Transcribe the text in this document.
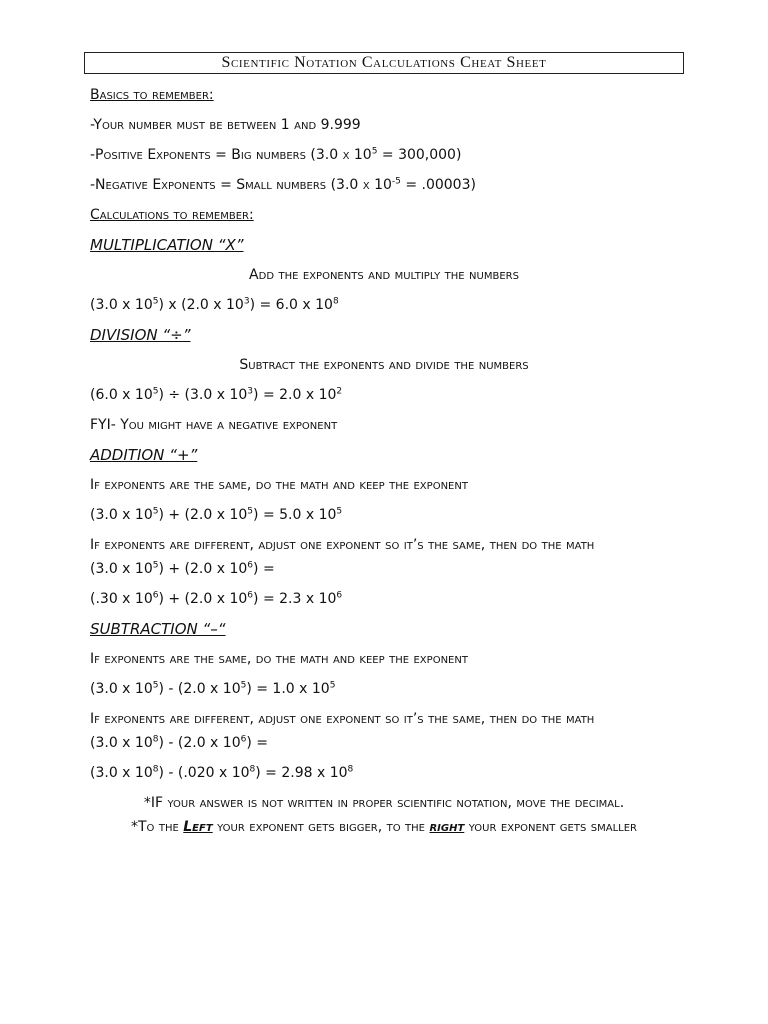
Scientific Notation Calculations Cheat Sheet

Basics to remember:

-Your number must be between 1 and 9.999

-Positive Exponents = Big numbers (3.0 x $10^5 = 300,000$)

-Negative Exponents = Small numbers (3.0 x $10^{-5} = .00003$)

Calculations to remember:

MULTIPLICATION “X”

Add the exponents and multiply the numbers

(3.0 x $10^5$) x (2.0 x $10^3) = 6.0$ x $10^8$

DIVISION “÷”

Subtract the exponents and divide the numbers

(6.0 x $10^5) \div (3.0$ x $10^3) = 2.0$ x $10^2$

FYI- You might have a negative exponent

ADDITION “+”

If exponents are the same, do the math and keep the exponent

(3.0 x $10^5) + (2.0$ x $10^5) = 5.0$ x $10^5$

If exponents are different, adjust one exponent so it’s the same, then do the math

(3.0 x $10^5) + (2.0$ x $10^6$) =

(.30 x $10^6) + (2.0$ x $10^6) = 2.3$ x $10^6$

SUBTRACTION “–“

If exponents are the same, do the math and keep the exponent

(3.0 x $10^5) - (2.0$ x $10^5) = 1.0$ x $10^5$

If exponents are different, adjust one exponent so it’s the same, then do the math

(3.0 x $10^8) - (2.0$ x $10^6$) =

(3.0 x $10^8) - (.020$ x $10^8) = 2.98$ x $10^8$

*IF your answer is not written in proper scientific notation, move the decimal.

*To the Left your exponent gets bigger, to the right your exponent gets smaller
